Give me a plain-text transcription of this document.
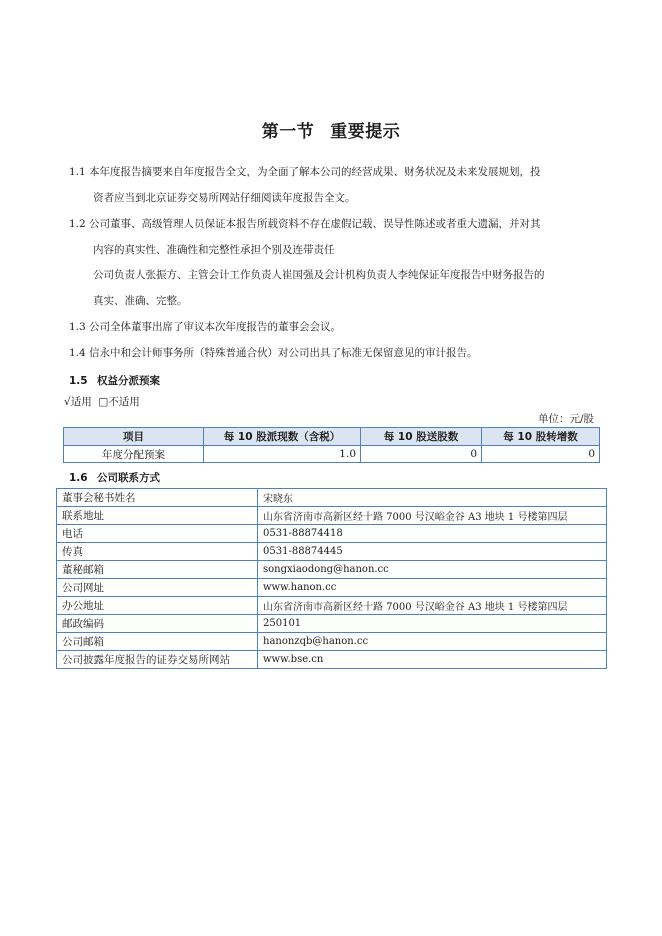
第一节 重要提示
1.1 本年度报告摘要来自年度报告全文，为全面了解本公司的经营成果、财务状况及未来发展规划，投
资者应当到北京证券交易所网站仔细阅读年度报告全文。
1.2 公司董事、高级管理人员保证本报告所载资料不存在虚假记载、误导性陈述或者重大遗漏，并对其
内容的真实性、准确性和完整性承担个别及连带责任
公司负责人张振方、主管会计工作负责人崔国强及会计机构负责人李纯保证年度报告中财务报告的
真实、准确、完整。
1.3 公司全体董事出席了审议本次年度报告的董事会会议。
1.4 信永中和会计师事务所（特殊普通合伙）对公司出具了标准无保留意见的审计报告。
1.5 权益分派预案
√适用 □不适用
单位：元/股
项目	每 10 股派现数（含税）	每 10 股送股数	每 10 股转增数
年度分配预案	1.0	0	0
1.6 公司联系方式
董事会秘书姓名	宋晓东
联系地址	山东省济南市高新区经十路 7000 号汉峪金谷 A3 地块 1 号楼第四层
电话	0531-88874418
传真	0531-88874445
董秘邮箱	songxiaodong@hanon.cc
公司网址	www.hanon.cc
办公地址	山东省济南市高新区经十路 7000 号汉峪金谷 A3 地块 1 号楼第四层
邮政编码	250101
公司邮箱	hanonzqb@hanon.cc
公司披露年度报告的证券交易所网站	www.bse.cn
